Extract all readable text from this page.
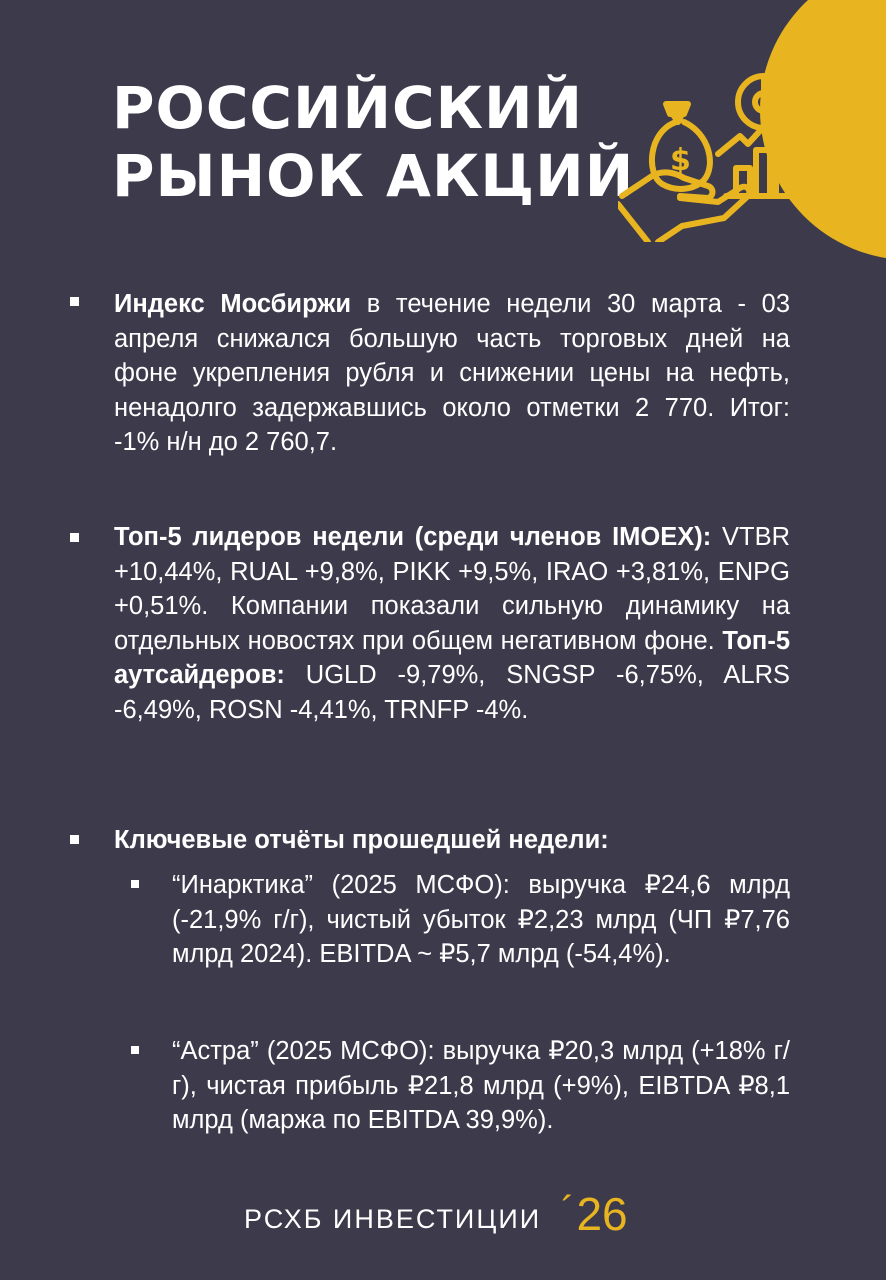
РОССИЙСКИЙ
РЫНОК АКЦИЙ $

Индекс Мосбиржи в течение недели 30 марта - 03 апреля снижался большую часть торговых дней на фоне укрепления рубля и снижении цены на нефть, ненадолго задержавшись около отметки 2 770. Итог: -1% н/н до 2 760,7.

Топ-5 лидеров недели (среди членов IMOEX): VTBR +10,44%, RUAL +9,8%, PIKK +9,5%, IRAO +3,81%, ENPG +0,51%. Компании показали сильную динамику на отдельных новостях при общем негативном фоне. Топ-5 аутсайдеров: UGLD -9,79%, SNGSP -6,75%, ALRS -6,49%, ROSN -4,41%, TRNFP -4%.

Ключевые отчёты прошедшей недели:

“Инарктика” (2025 МСФО): выручка ₽24,6 млрд (-21,9% г/г), чистый убыток ₽2,23 млрд (ЧП ₽7,76 млрд 2024). EBITDA ~ ₽5,7 млрд (-54,4%).

“Астра” (2025 МСФО): выручка ₽20,3 млрд (+18% г/г), чистая прибыль ₽21,8 млрд (+9%), EIBTDA ₽8,1 млрд (маржа по EBITDA 39,9%).

РСХБ ИНВЕСТИЦИИ ´26
